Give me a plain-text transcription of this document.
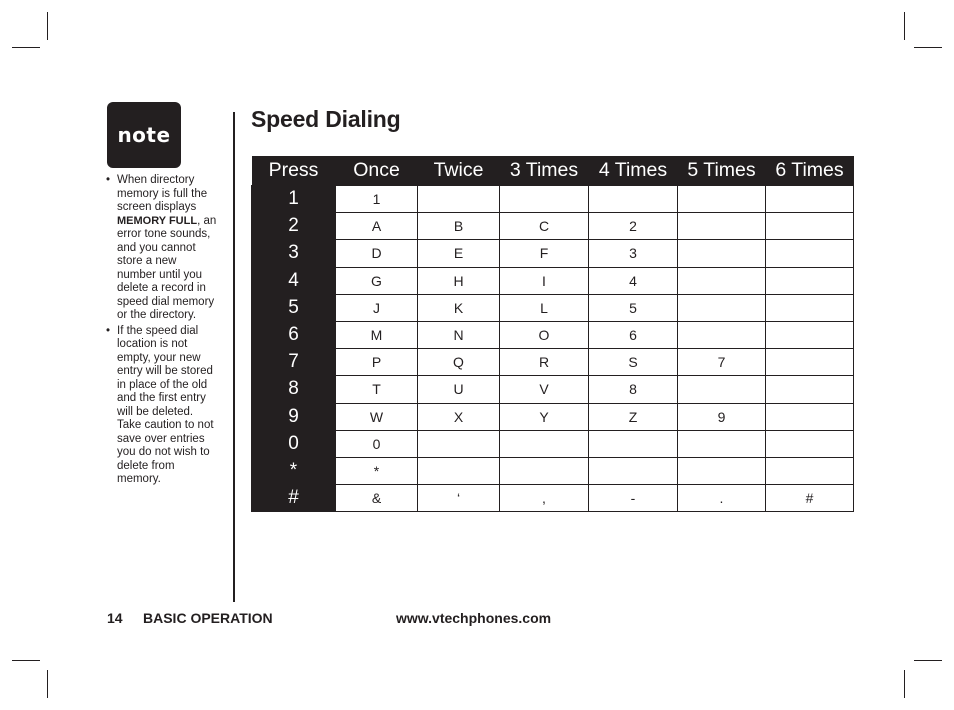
note
• When directory memory is full the screen displays MEMORY FULL, an error tone sounds, and you cannot store a new number until you delete a record in speed dial memory or the directory.
• If the speed dial location is not empty, your new entry will be stored in place of the old and the first entry will be deleted. Take caution to not save over entries you do not wish to delete from memory.
Speed Dialing
Press	Once	Twice	3 Times	4 Times	5 Times	6 Times
1	1					
2	A	B	C	2		
3	D	E	F	3		
4	G	H	I	4		
5	J	K	L	5		
6	M	N	O	6		
7	P	Q	R	S	7	
8	T	U	V	8		
9	W	X	Y	Z	9	
0	0					
*	*					
#	&	‘	,	-	.	#

14 BASIC OPERATION	www.vtechphones.com
